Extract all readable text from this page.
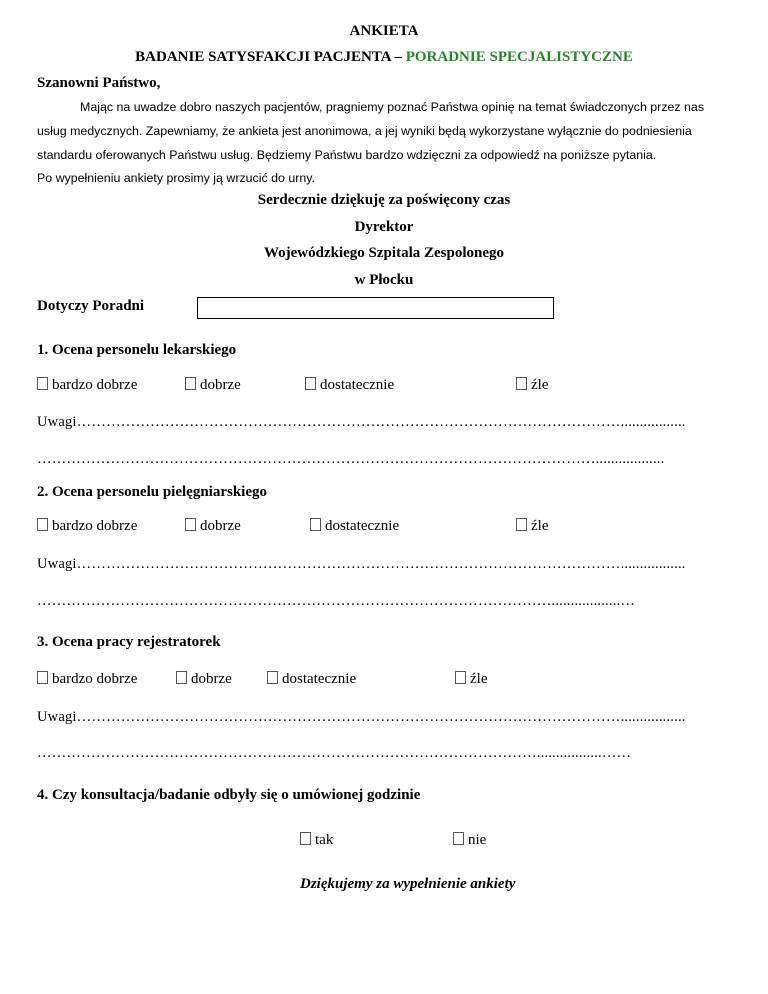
ANKIETA
BADANIE SATYSFAKCJI PACJENTA – PORADNIE SPECJALISTYCZNE
Szanowni Państwo,
Mając na uwadze dobro naszych pacjentów, pragniemy poznać Państwa opinię na temat świadczonych przez nas
usług medycznych. Zapewniamy, że ankieta jest anonimowa, a jej wyniki będą wykorzystane wyłącznie do podniesienia
standardu oferowanych Państwu usług. Będziemy Państwu bardzo wdzięczni za odpowiedź na poniższe pytania.
Po wypełnieniu ankiety prosimy ją wrzucić do urny.
Serdecznie dziękuję za poświęcony czas
Dyrektor
Wojewódzkiego Szpitala Zespolonego
w Płocku
Dotyczy Poradni
1. Ocena personelu lekarskiego
bardzo dobrze	dobrze	dostatecznie	źle
Uwagi………………………………………………………………………………………………….................
……………………………………………………………………………………………………..................
2. Ocena personelu pielęgniarskiego
bardzo dobrze	dobrze	dostatecznie	źle
Uwagi………………………………………………………………………………………………….................
……………………………………………………………………………………………..................…
3. Ocena pracy rejestratorek
bardzo dobrze	dobrze	dostatecznie	źle
Uwagi………………………………………………………………………………………………….................
………………………………………………………………………………………….................……
4. Czy konsultacja/badanie odbyły się o umówionej godzinie
tak	nie
Dziękujemy za wypełnienie ankiety
